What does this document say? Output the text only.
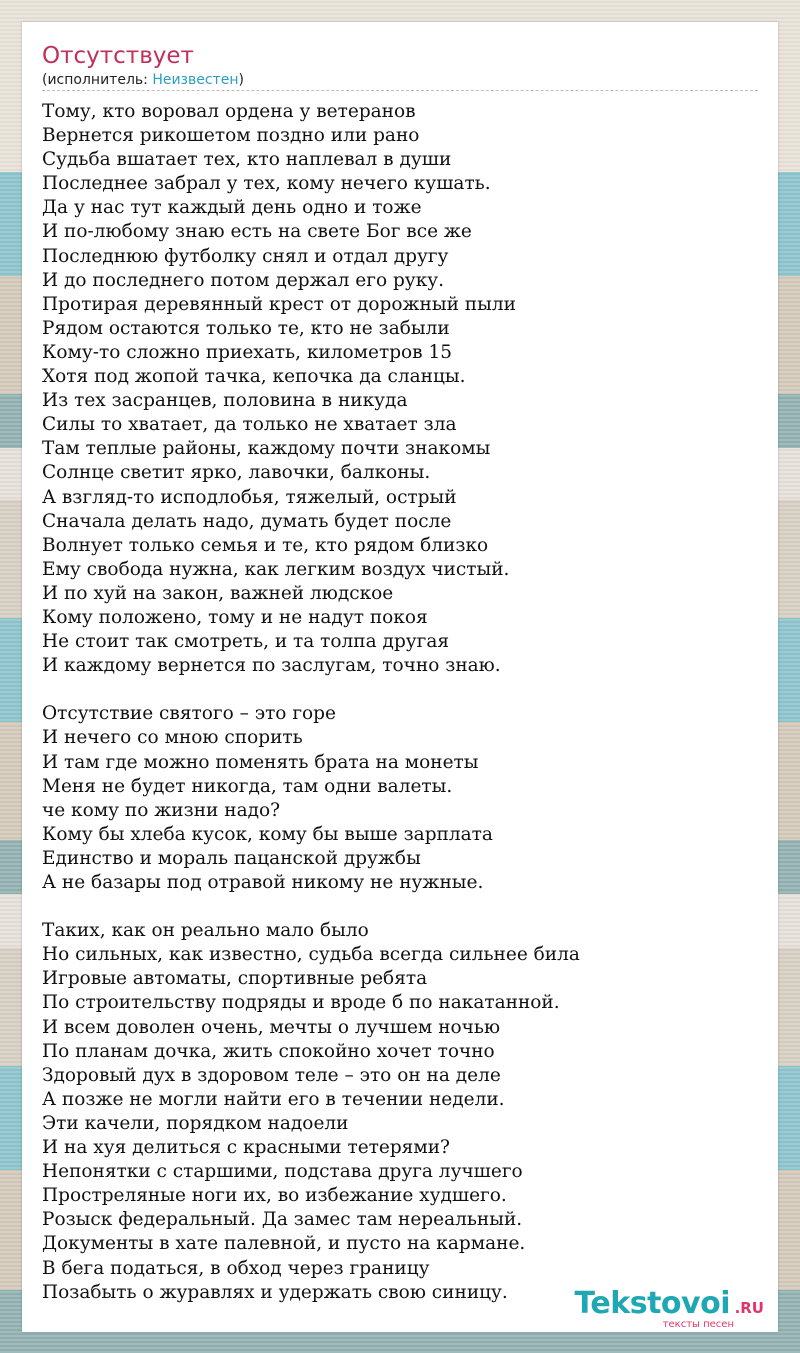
Отсутствует
(исполнитель: Неизвестен)
Тому, кто воровал ордена у ветеранов
Вернется рикошетом поздно или рано
Судьба вшатает тех, кто наплевал в души
Последнее забрал у тех, кому нечего кушать.
Да у нас тут каждый день одно и тоже
И по-любому знаю есть на свете Бог все же
Последнюю футболку снял и отдал другу
И до последнего потом держал его руку.
Протирая деревянный крест от дорожный пыли
Рядом остаются только те, кто не забыли
Кому-то сложно приехать, километров 15
Хотя под жопой тачка, кепочка да сланцы.
Из тех засранцев, половина в никуда
Силы то хватает, да только не хватает зла
Там теплые районы, каждому почти знакомы
Солнце светит ярко, лавочки, балконы.
А взгляд-то исподлобья, тяжелый, острый
Сначала делать надо, думать будет после
Волнует только семья и те, кто рядом близко
Ему свобода нужна, как легким воздух чистый.
И по хуй на закон, важней людское
Кому положено, тому и не надут покоя
Не стоит так смотреть, и та толпа другая
И каждому вернется по заслугам, точно знаю.
Отсутствие святого – это горе
И нечего со мною спорить
И там где можно поменять брата на монеты
Меня не будет никогда, там одни валеты.
че кому по жизни надо?
Кому бы хлеба кусок, кому бы выше зарплата
Единство и мораль пацанской дружбы
А не базары под отравой никому не нужные.
Таких, как он реально мало было
Но сильных, как известно, судьба всегда сильнее била
Игровые автоматы, спортивные ребята
По строительству подряды и вроде б по накатанной.
И всем доволен очень, мечты о лучшем ночью
По планам дочка, жить спокойно хочет точно
Здоровый дух в здоровом теле – это он на деле
А позже не могли найти его в течении недели.
Эти качели, порядком надоели
И на хуя делиться с красными тетерями?
Непонятки с старшими, подстава друга лучшего
Простреляные ноги их, во избежание худшего.
Розыск федеральный. Да замес там нереальный.
Документы в хате палевной, и пусто на кармане.
В бега податься, в обход через границу
Позабыть о журавлях и удержать свою синицу.	Tekstovoi .RU
тексты песен
